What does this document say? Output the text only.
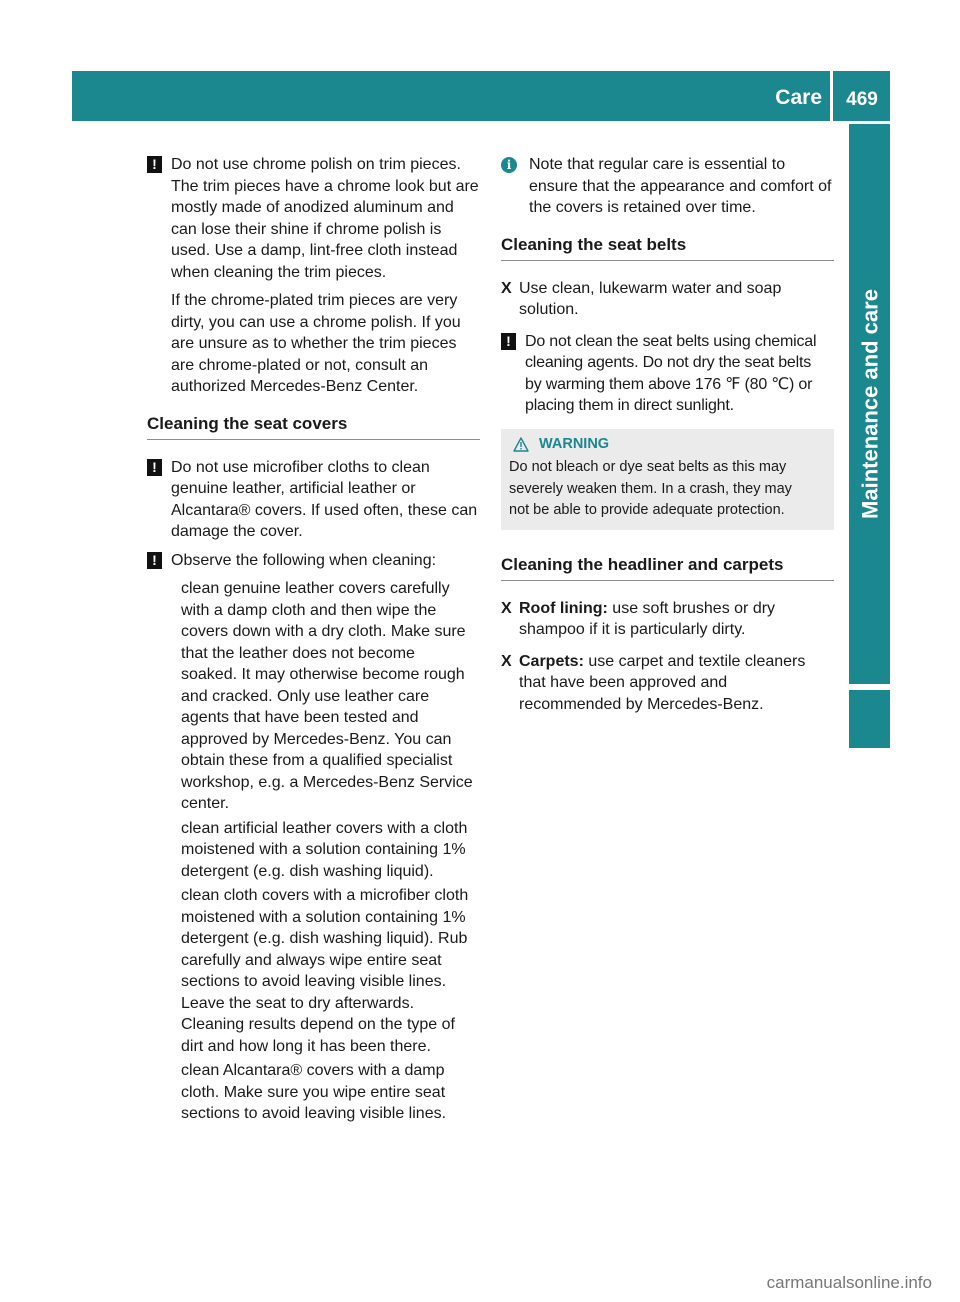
Care	469
Maintenance and care
! Do not use chrome polish on trim pieces.
The trim pieces have a chrome look but are
mostly made of anodized aluminum and
can lose their shine if chrome polish is
used. Use a damp, lint-free cloth instead
when cleaning the trim pieces.

If the chrome-plated trim pieces are very
dirty, you can use a chrome polish. If you
are unsure as to whether the trim pieces
are chrome-plated or not, consult an
authorized Mercedes-Benz Center.

Cleaning the seat covers
! Do not use microfiber cloths to clean
genuine leather, artificial leather or
Alcantara® covers. If used often, these can
damage the cover.

! Observe the following when cleaning:

clean genuine leather covers carefully
with a damp cloth and then wipe the
covers down with a dry cloth. Make sure
that the leather does not become
soaked. It may otherwise become rough
and cracked. Only use leather care
agents that have been tested and
approved by Mercedes-Benz. You can
obtain these from a qualified specialist
workshop, e.g. a Mercedes-Benz Service
center.

clean artificial leather covers with a cloth
moistened with a solution containing 1%
detergent (e.g. dish washing liquid).

clean cloth covers with a microfiber cloth
moistened with a solution containing 1%
detergent (e.g. dish washing liquid). Rub
carefully and always wipe entire seat
sections to avoid leaving visible lines.
Leave the seat to dry afterwards.
Cleaning results depend on the type of
dirt and how long it has been there.

clean Alcantara® covers with a damp
cloth. Make sure you wipe entire seat
sections to avoid leaving visible lines.

i	Note that regular care is essential to
ensure that the appearance and comfort of
the covers is retained over time.

Cleaning the seat belts
X Use clean, lukewarm water and soap
solution.

! Do not clean the seat belts using chemical
cleaning agents. Do not dry the seat belts
by warming them above 176 ℉ (80 ℃) or
placing them in direct sunlight.

WARNING

Do not bleach or dye seat belts as this may
severely weaken them. In a crash, they may
not be able to provide adequate protection.

Cleaning the headliner and carpets
X Roof lining: use soft brushes or dry
shampoo if it is particularly dirty.

X Carpets: use carpet and textile cleaners
that have been approved and
recommended by Mercedes-Benz.

carmanualsonline.info
